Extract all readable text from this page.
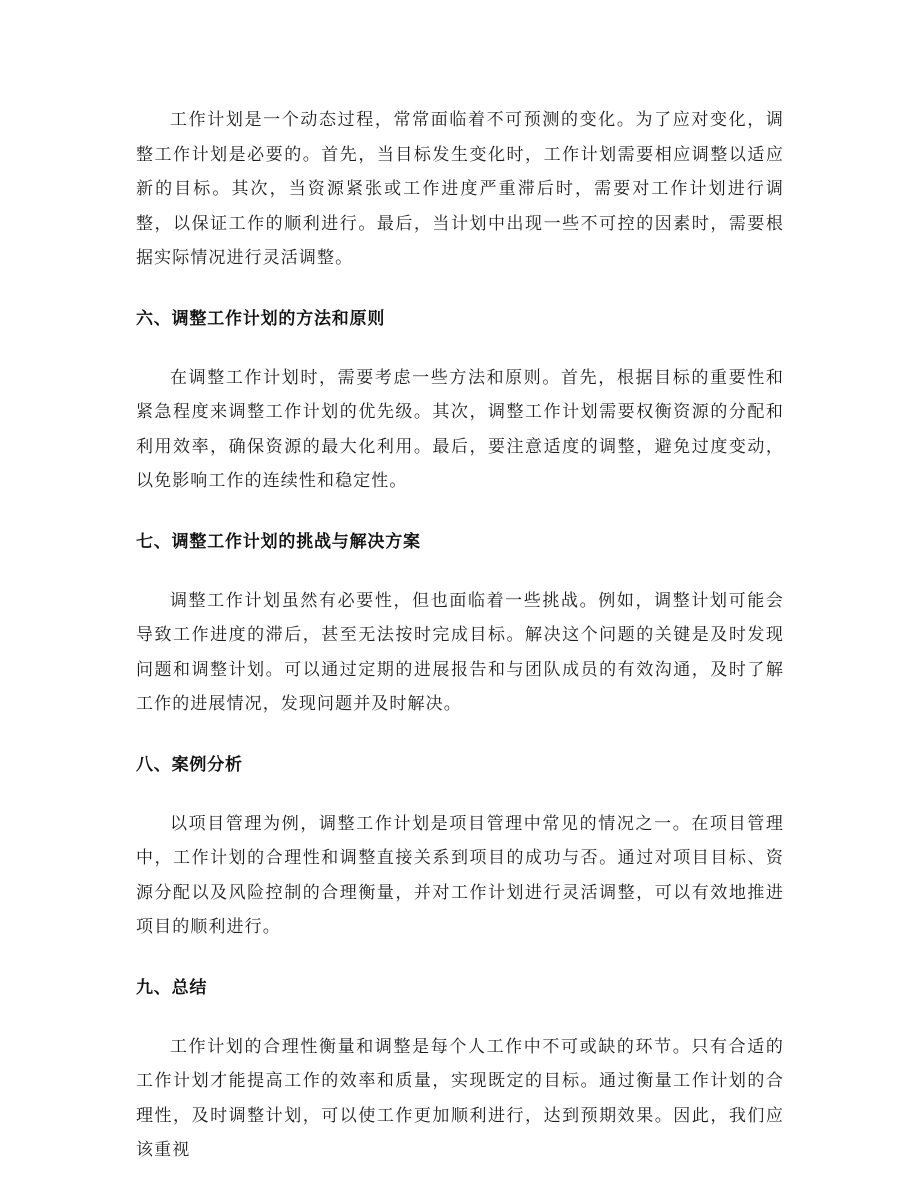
工作计划是一个动态过程，常常面临着不可预测的变化。为了应对变化，调整工作计划是必要的。首先，当目标发生变化时，工作计划需要相应调整以适应新的目标。其次，当资源紧张或工作进度严重滞后时，需要对工作计划进行调整，以保证工作的顺利进行。最后，当计划中出现一些不可控的因素时，需要根据实际情况进行灵活调整。

六、调整工作计划的方法和原则

在调整工作计划时，需要考虑一些方法和原则。首先，根据目标的重要性和紧急程度来调整工作计划的优先级。其次，调整工作计划需要权衡资源的分配和利用效率，确保资源的最大化利用。最后，要注意适度的调整，避免过度变动，以免影响工作的连续性和稳定性。

七、调整工作计划的挑战与解决方案

调整工作计划虽然有必要性，但也面临着一些挑战。例如，调整计划可能会导致工作进度的滞后，甚至无法按时完成目标。解决这个问题的关键是及时发现问题和调整计划。可以通过定期的进展报告和与团队成员的有效沟通，及时了解工作的进展情况，发现问题并及时解决。

八、案例分析

以项目管理为例，调整工作计划是项目管理中常见的情况之一。在项目管理中，工作计划的合理性和调整直接关系到项目的成功与否。通过对项目目标、资源分配以及风险控制的合理衡量，并对工作计划进行灵活调整，可以有效地推进项目的顺利进行。

九、总结

工作计划的合理性衡量和调整是每个人工作中不可或缺的环节。只有合适的工作计划才能提高工作的效率和质量，实现既定的目标。通过衡量工作计划的合理性，及时调整计划，可以使工作更加顺利进行，达到预期效果。因此，我们应该重视
